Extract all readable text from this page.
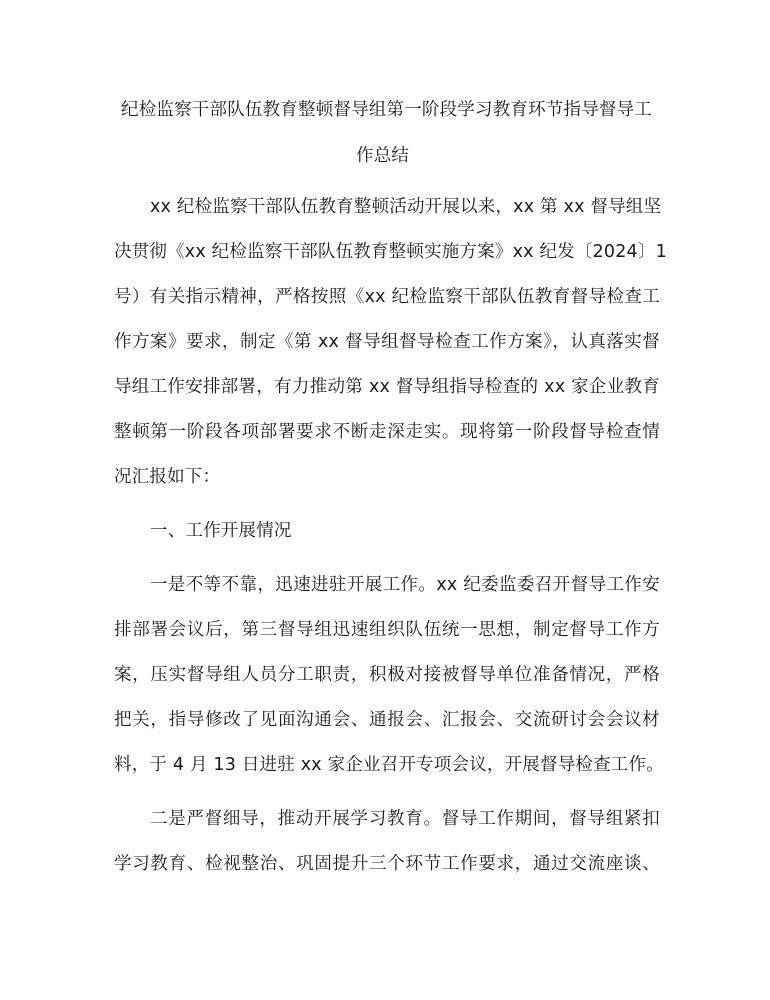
纪检监察干部队伍教育整顿督导组第一阶段学习教育环节指导督导工
作总结
xx 纪检监察干部队伍教育整顿活动开展以来，xx 第 xx 督导组坚
决贯彻《xx 纪检监察干部队伍教育整顿实施方案》xx 纪发〔2024〕1
号）有关指示精神，严格按照《xx 纪检监察干部队伍教育督导检查工
作方案》要求，制定《第 xx 督导组督导检查工作方案》，认真落实督
导组工作安排部署，有力推动第 xx 督导组指导检查的 xx 家企业教育
整顿第一阶段各项部署要求不断走深走实。现将第一阶段督导检查情
况汇报如下：
一、工作开展情况
一是不等不靠，迅速进驻开展工作。xx 纪委监委召开督导工作安
排部署会议后，第三督导组迅速组织队伍统一思想，制定督导工作方
案，压实督导组人员分工职责，积极对接被督导单位准备情况，严格
把关，指导修改了见面沟通会、通报会、汇报会、交流研讨会会议材
料，于 4 月 13 日进驻 xx 家企业召开专项会议，开展督导检查工作。
二是严督细导，推动开展学习教育。督导工作期间，督导组紧扣
学习教育、检视整治、巩固提升三个环节工作要求，通过交流座谈、
